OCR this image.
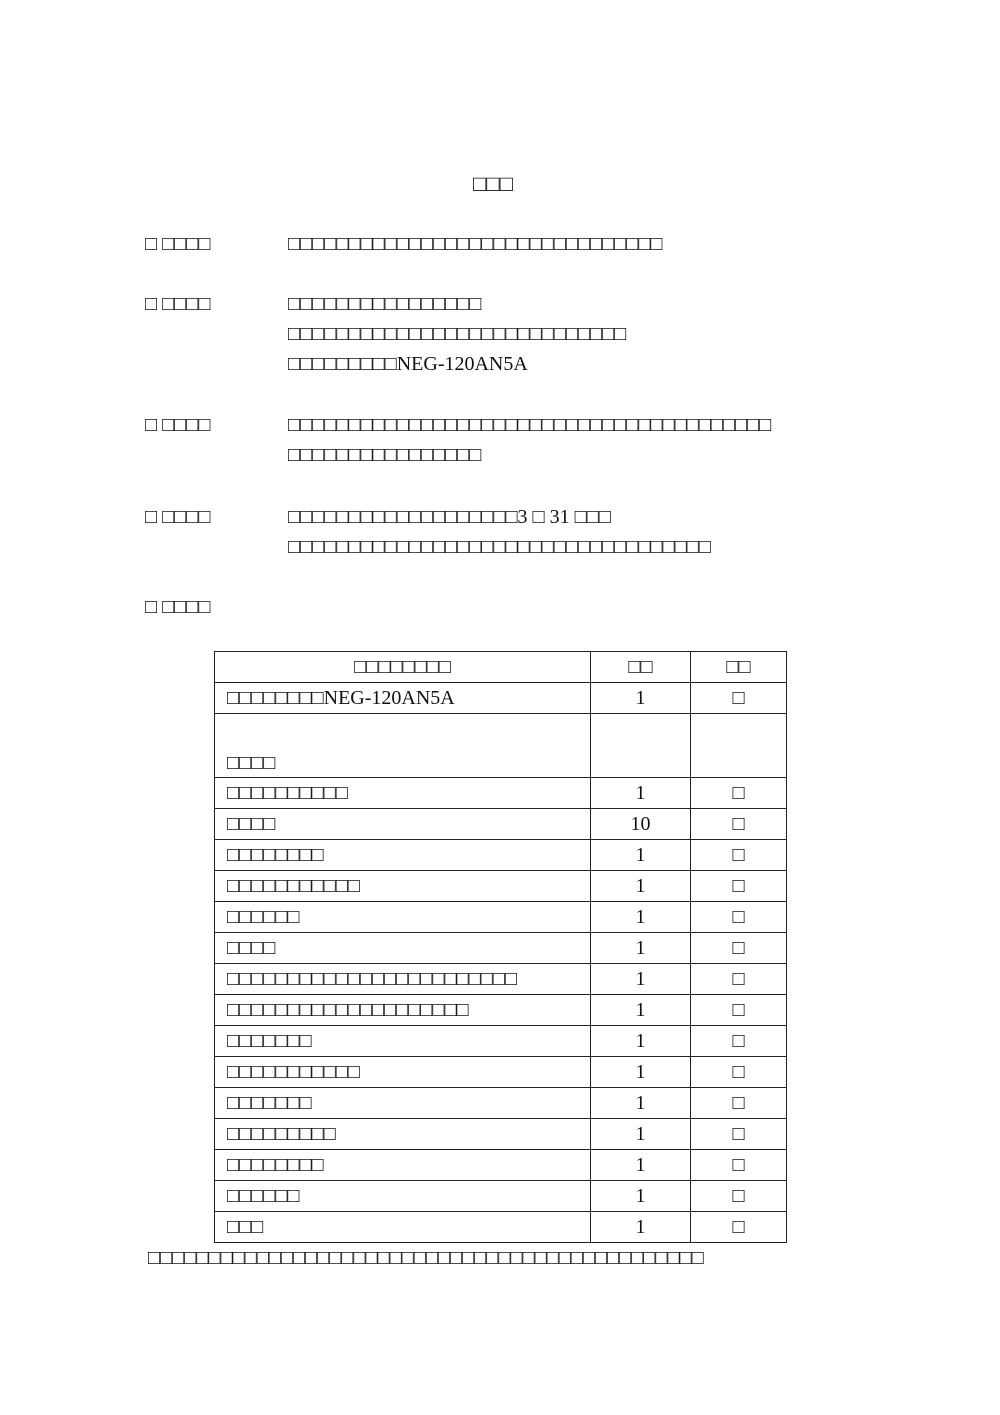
□□□
□ □□□□	□□□□□□□□□□□□□□□□□□□□□□□□□□□□□□□
□ □□□□	□□□□□□□□□□□□□□□□
□□□□□□□□□□□□□□□□□□□□□□□□□□□□
□□□□□□□□□NEG-120AN5A
□ □□□□	□□□□□□□□□□□□□□□□□□□□□□□□□□□□□□□□□□□□□□□□
□□□□□□□□□□□□□□□□
□ □□□□	□□□□□□□□□□□□□□□□□□□3 □ 31 □□□
□□□□□□□□□□□□□□□□□□□□□□□□□□□□□□□□□□□
□ □□□□
□□□□□□□□	□□	□□
□□□□□□□□NEG-120AN5A	1	□
□□□□		
□□□□□□□□□□	1	□
□□□□	10	□
□□□□□□□□	1	□
□□□□□□□□□□□	1	□
□□□□□□	1	□
□□□□	1	□
□□□□□□□□□□□□□□□□□□□□□□□□	1	□
□□□□□□□□□□□□□□□□□□□□	1	□
□□□□□□□	1	□
□□□□□□□□□□□	1	□
□□□□□□□	1	□
□□□□□□□□□	1	□
□□□□□□□□	1	□
□□□□□□	1	□
□□□	1	□
□□□□□□□□□□□□□□□□□□□□□□□□□□□□□□□□□□□□□□□□□□□□□□
